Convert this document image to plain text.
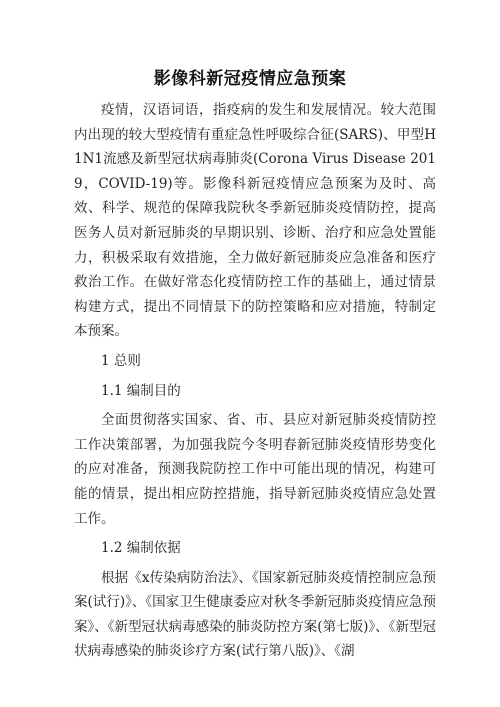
影像科新冠疫情应急预案

疫情，汉语词语，指疫病的发生和发展情况。较大范围内出现的较大型疫情有重症急性呼吸综合征(SARS)、甲型H1N1流感及新型冠状病毒肺炎(Corona Virus Disease 2019，COVID-19)等。影像科新冠疫情应急预案为及时、高效、科学、规范的保障我院秋冬季新冠肺炎疫情防控，提高医务人员对新冠肺炎的早期识别、诊断、治疗和应急处置能力，积极采取有效措施，全力做好新冠肺炎应急准备和医疗救治工作。在做好常态化疫情防控工作的基础上，通过情景构建方式，提出不同情景下的防控策略和应对措施，特制定本预案。

1 总则

1.1 编制目的

全面贯彻落实国家、省、市、县应对新冠肺炎疫情防控工作决策部署，为加强我院今冬明春新冠肺炎疫情形势变化的应对准备，预测我院防控工作中可能出现的情况，构建可能的情景，提出相应防控措施，指导新冠肺炎疫情应急处置工作。

1.2 编制依据

根据《x传染病防治法》、《国家新冠肺炎疫情控制应急预案(试行)》、《国家卫生健康委应对秋冬季新冠肺炎疫情应急预案》、《新型冠状病毒感染的肺炎防控方案(第七版)》、《新型冠状病毒感染的肺炎诊疗方案(试行第八版)》、《湖
